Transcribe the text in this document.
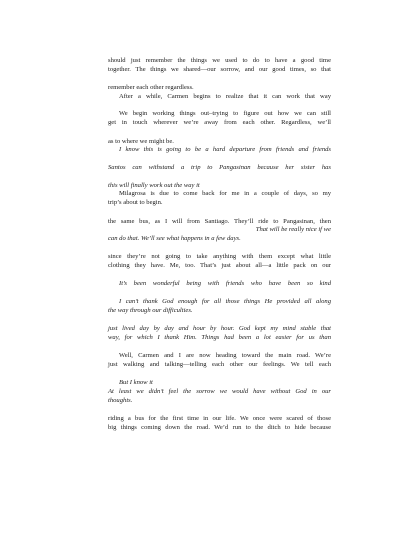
should just remember the things we used to do to have a good time
together. The things we shared—our sorrow, and our good times, so that
remember each other regardless.
After a while, Carmen begins to realize that it can work that way
We begin working things out–trying to figure out how we can still
get in touch wherever we’re away from each other. Regardless, we’ll
as to where we might be.
I know this is going to be a hard departure from friends and friends
Santos can withstand a trip to Pangasinan because her sister has
this will finally work out the way it
Milagrosa is due to come back for me in a couple of days, so my
trip’s about to begin.
the same bus, as I will from Santiago. They’ll ride to Pangasinan, then
That will be really nice if we
can do that. We’ll see what happens in a few days.
since they’re not going to take anything with them except what little
clothing they have. Me, too. That’s just about all—a little pack on our
It’s been wonderful being with friends who have been so kind
I can’t thank God enough for all those things He provided all along
the way through our difficulties.
just lived day by day and hour by hour. God kept my mind stable that
way, for which I thank Him. Things had been a lot easier for us than
Well, Carmen and I are now heading toward the main road. We’re
just walking and talking—telling each other our feelings. We tell each
But I know it
At least we didn’t feel the sorrow we would have without God in our
thoughts.
riding a bus for the first time in our life. We once were scared of those
big things coming down the road. We’d run to the ditch to hide because
